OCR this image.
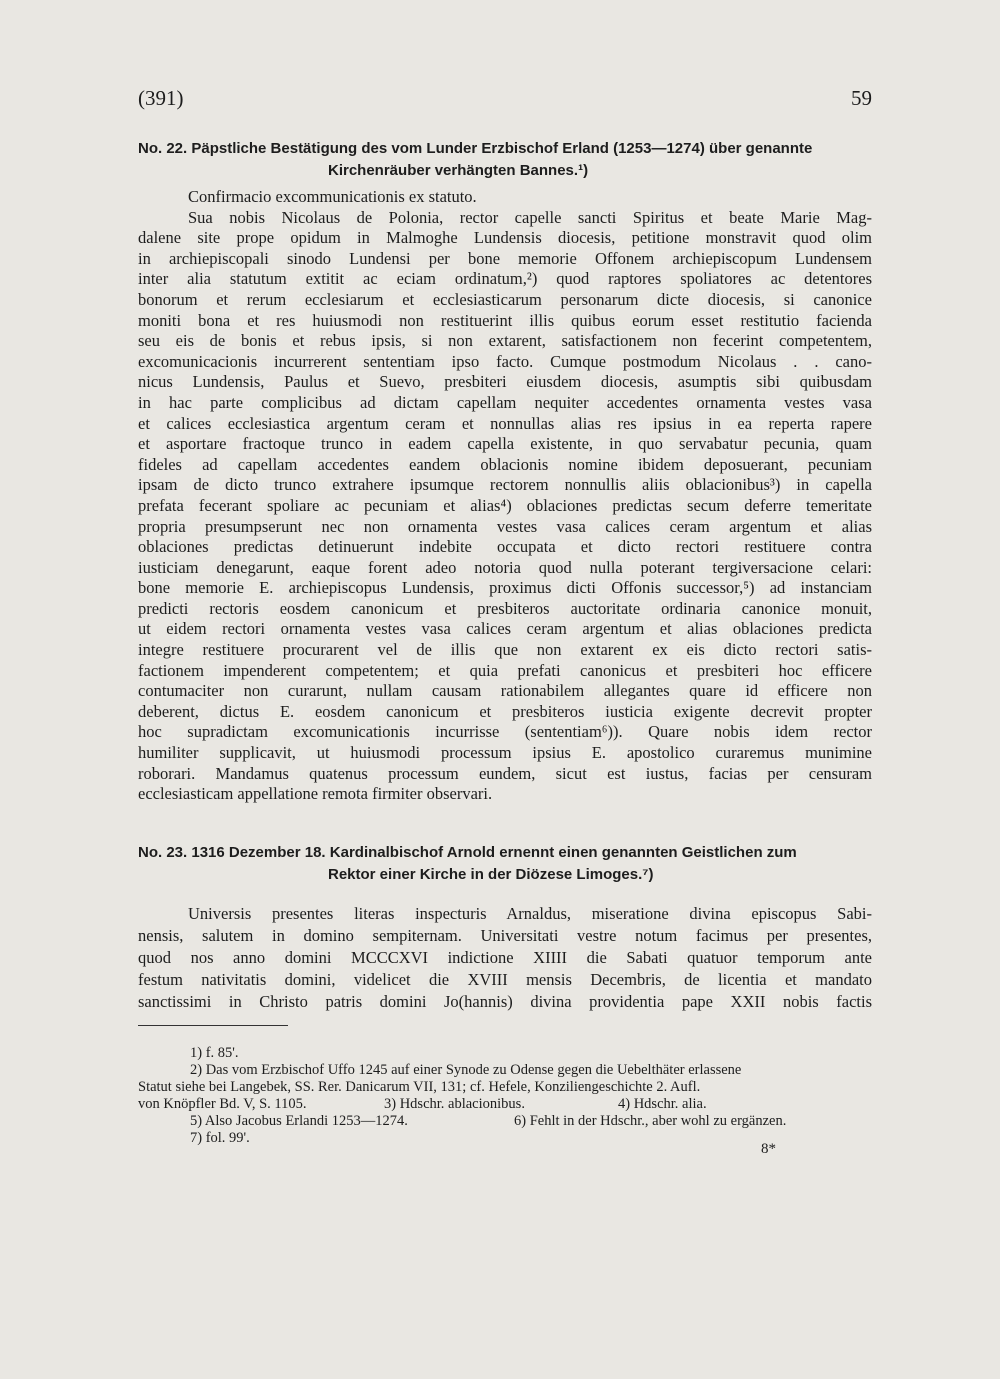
(391)	59
No. 22. Päpstliche Bestätigung des vom Lunder Erzbischof Erland (1253—1274) über genannte
Kirchenräuber verhängten Bannes.¹)
Confirmacio excommunicationis ex statuto.
Sua nobis Nicolaus de Polonia, rector capelle sancti Spiritus et beate Marie Mag-
dalene site prope opidum in Malmoghe Lundensis diocesis, petitione monstravit quod olim
in archiepiscopali sinodo Lundensi per bone memorie Offonem archiepiscopum Lundensem
inter alia statutum extitit ac eciam ordinatum,²) quod raptores spoliatores ac detentores
bonorum et rerum ecclesiarum et ecclesiasticarum personarum dicte diocesis, si canonice
moniti bona et res huiusmodi non restituerint illis quibus eorum esset restitutio facienda
seu eis de bonis et rebus ipsis, si non extarent, satisfactionem non fecerint competentem,
excomunicacionis incurrerent sententiam ipso facto. Cumque postmodum Nicolaus . . cano-
nicus Lundensis, Paulus et Suevo, presbiteri eiusdem diocesis, asumptis sibi quibusdam
in hac parte complicibus ad dictam capellam nequiter accedentes ornamenta vestes vasa
et calices ecclesiastica argentum ceram et nonnullas alias res ipsius in ea reperta rapere
et asportare fractoque trunco in eadem capella existente, in quo servabatur pecunia, quam
fideles ad capellam accedentes eandem oblacionis nomine ibidem deposuerant, pecuniam
ipsam de dicto trunco extrahere ipsumque rectorem nonnullis aliis oblacionibus³) in capella
prefata fecerant spoliare ac pecuniam et alias⁴) oblaciones predictas secum deferre temeritate
propria presumpserunt nec non ornamenta vestes vasa calices ceram argentum et alias
oblaciones predictas detinuerunt indebite occupata et dicto rectori restituere contra
iusticiam denegarunt, eaque forent adeo notoria quod nulla poterant tergiversacione celari:
bone memorie E. archiepiscopus Lundensis, proximus dicti Offonis successor,⁵) ad instanciam
predicti rectoris eosdem canonicum et presbiteros auctoritate ordinaria canonice monuit,
ut eidem rectori ornamenta vestes vasa calices ceram argentum et alias oblaciones predicta
integre restituere procurarent vel de illis que non extarent ex eis dicto rectori satis-
factionem impenderent competentem; et quia prefati canonicus et presbiteri hoc efficere
contumaciter non curarunt, nullam causam rationabilem allegantes quare id efficere non
deberent, dictus E. eosdem canonicum et presbiteros iusticia exigente decrevit propter
hoc supradictam excomunicationis incurrisse (sententiam⁶)). Quare nobis idem rector
humiliter supplicavit, ut huiusmodi processum ipsius E. apostolico curaremus munimine
roborari. Mandamus quatenus processum eundem, sicut est iustus, facias per censuram
ecclesiasticam appellatione remota firmiter observari.
No. 23. 1316 Dezember 18. Kardinalbischof Arnold ernennt einen genannten Geistlichen zum
Rektor einer Kirche in der Diözese Limoges.⁷)
Universis presentes literas inspecturis Arnaldus, miseratione divina episcopus Sabi-
nensis, salutem in domino sempiternam. Universitati vestre notum facimus per presentes,
quod nos anno domini MCCCXVI indictione XIIII die Sabati quatuor temporum ante
festum nativitatis domini, videlicet die XVIII mensis Decembris, de licentia et mandato
sanctissimi in Christo patris domini Jo(hannis) divina providentia pape XXII nobis factis
1) f. 85'.
2) Das vom Erzbischof Uffo 1245 auf einer Synode zu Odense gegen die Uebelthäter erlassene
Statut siehe bei Langebek, SS. Rer. Danicarum VII, 131; cf. Hefele, Konziliengeschichte 2. Aufl.
von Knöpfler Bd. V, S. 1105.	3) Hdschr. ablacionibus.	4) Hdschr. alia.
5) Also Jacobus Erlandi 1253—1274.	6) Fehlt in der Hdschr., aber wohl zu ergänzen.
7) fol. 99'.
8*
